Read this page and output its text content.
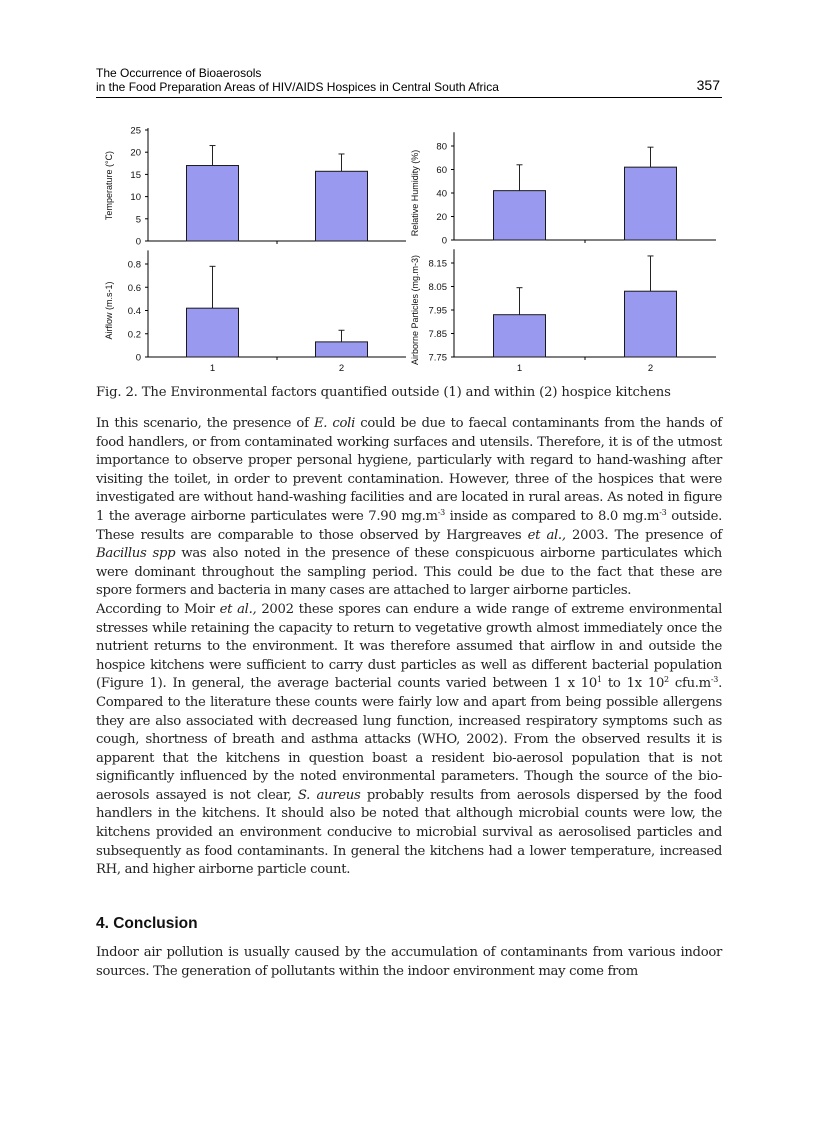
The Occurrence of Bioaerosols
in the Food Preparation Areas of HIV/AIDS Hospices in Central South Africa	357
0
5
10
15
20
25
Temperature (°C)
0
20
40
60
80
Relative Humidity (%)
0
0.2
0.4
0.6
0.8
Airflow (m.s-1)
1	2
7.75
7.85
7.95
8.05
8.15
Airborne Particles (mg.m-3)
1	2
Fig. 2. The Environmental factors quantified outside (1) and within (2) hospice kitchens

In this scenario, the presence of E. coli could be due to faecal contaminants from the hands of food handlers, or from contaminated working surfaces and utensils. Therefore, it is of the utmost importance to observe proper personal hygiene, particularly with regard to hand-washing after visiting the toilet, in order to prevent contamination. However, three of the hospices that were investigated are without hand-washing facilities and are located in rural areas. As noted in figure 1 the average airborne particulates were 7.90 $mg.m^{-3}$ inside as compared to 8.0 $mg.m^{-3}$ outside. These results are comparable to those observed by Hargreaves et al., 2003. The presence of Bacillus spp was also noted in the presence of these conspicuous airborne particulates which were dominant throughout the sampling period. This could be due to the fact that these are spore formers and bacteria in many cases are attached to larger airborne particles.

According to Moir et al., 2002 these spores can endure a wide range of extreme environmental stresses while retaining the capacity to return to vegetative growth almost immediately once the nutrient returns to the environment. It was therefore assumed that airflow in and outside the hospice kitchens were sufficient to carry dust particles as well as different bacterial population (Figure 1). In general, the average bacterial counts varied between 1 x $10^1$ to 1x $10^2$ $cfu.m^{-3}$. Compared to the literature these counts were fairly low and apart from being possible allergens they are also associated with decreased lung function, increased respiratory symptoms such as cough, shortness of breath and asthma attacks (WHO, 2002). From the observed results it is apparent that the kitchens in question boast a resident bio-aerosol population that is not significantly influenced by the noted environmental parameters. Though the source of the bio-aerosols assayed is not clear, S. aureus probably results from aerosols dispersed by the food handlers in the kitchens. It should also be noted that although microbial counts were low, the kitchens provided an environment conducive to microbial survival as aerosolised particles and subsequently as food contaminants. In general the kitchens had a lower temperature, increased RH, and higher airborne particle count.

4. Conclusion
Indoor air pollution is usually caused by the accumulation of contaminants from various indoor sources. The generation of pollutants within the indoor environment may come from
